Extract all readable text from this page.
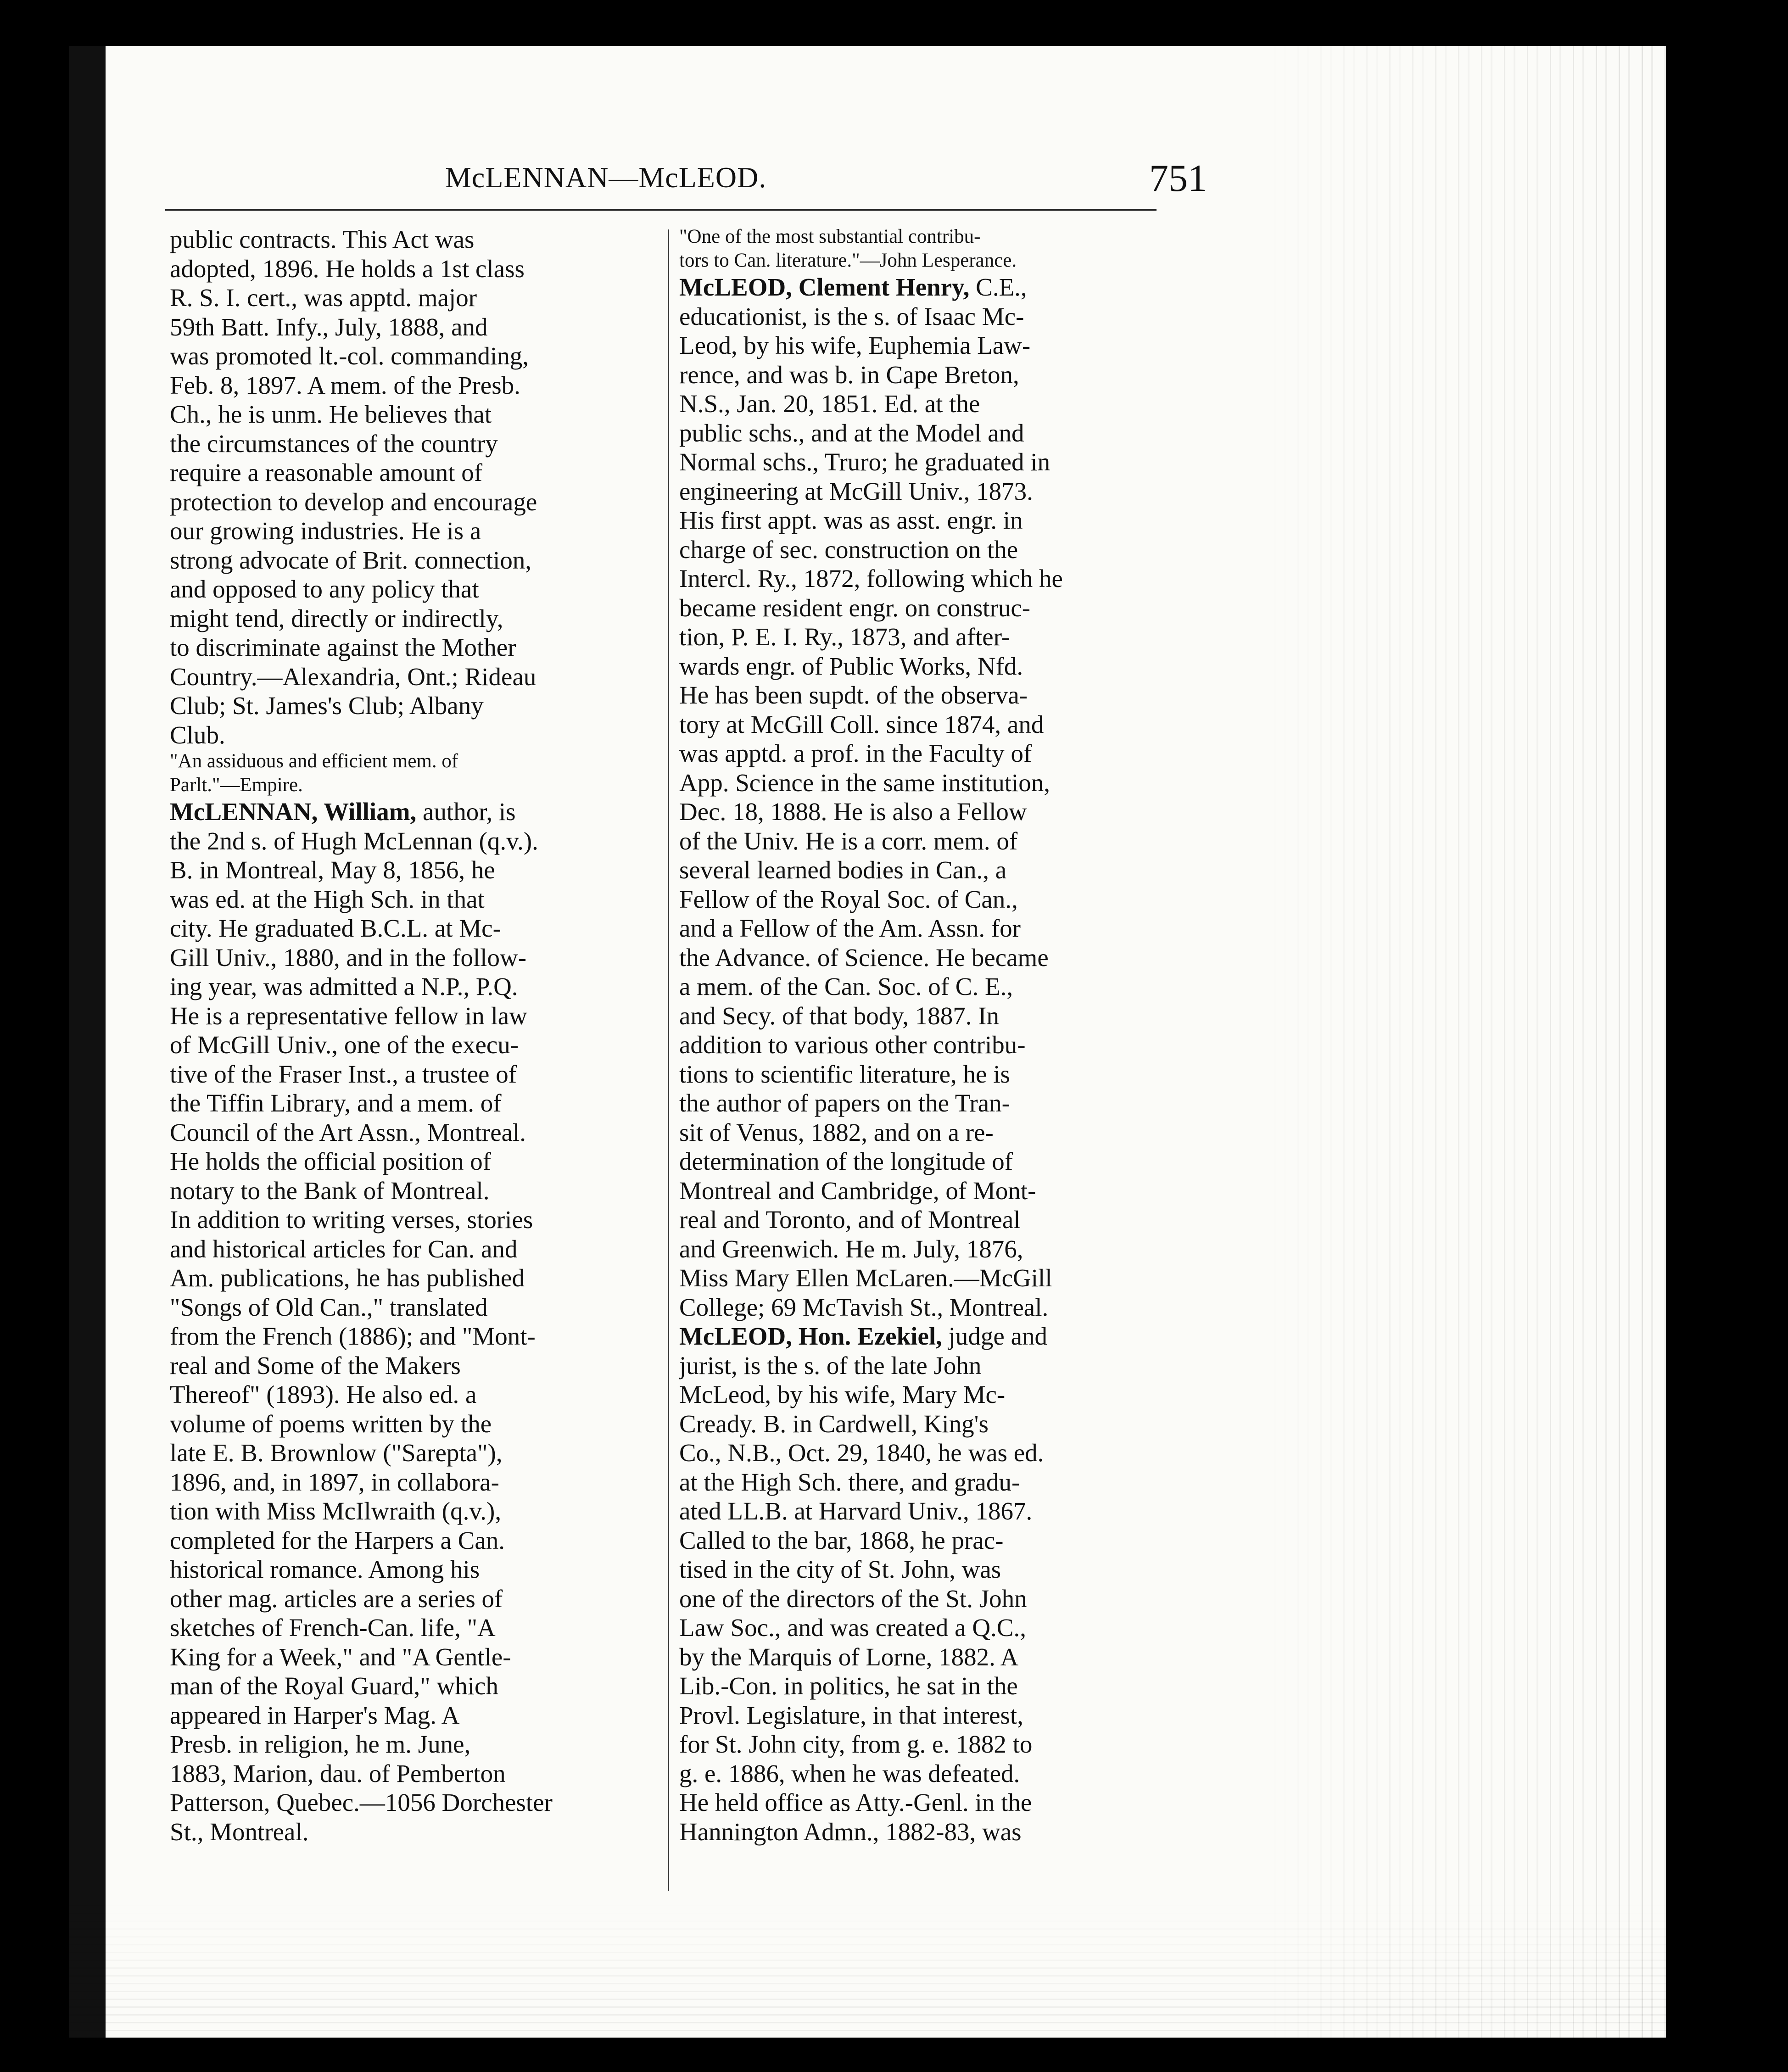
McLENNAN—McLEOD.	751
public contracts. This Act was
adopted, 1896. He holds a 1st class
R. S. I. cert., was apptd. major
59th Batt. Infy., July, 1888, and
was promoted lt.-col. commanding,
Feb. 8, 1897. A mem. of the Presb.
Ch., he is unm. He believes that
the circumstances of the country
require a reasonable amount of
protection to develop and encourage
our growing industries. He is a
strong advocate of Brit. connection,
and opposed to any policy that
might tend, directly or indirectly,
to discriminate against the Mother
Country.—Alexandria, Ont.; Rideau
Club; St. James's Club; Albany
Club.
"An assiduous and efficient mem. of
Parlt."—Empire.
McLENNAN, William, author, is
the 2nd s. of Hugh McLennan (q.v.).
B. in Montreal, May 8, 1856, he
was ed. at the High Sch. in that
city. He graduated B.C.L. at Mc-
Gill Univ., 1880, and in the follow-
ing year, was admitted a N.P., P.Q.
He is a representative fellow in law
of McGill Univ., one of the execu-
tive of the Fraser Inst., a trustee of
the Tiffin Library, and a mem. of
Council of the Art Assn., Montreal.
He holds the official position of
notary to the Bank of Montreal.
In addition to writing verses, stories
and historical articles for Can. and
Am. publications, he has published
"Songs of Old Can.," translated
from the French (1886); and "Mont-
real and Some of the Makers
Thereof" (1893). He also ed. a
volume of poems written by the
late E. B. Brownlow ("Sarepta"),
1896, and, in 1897, in collabora-
tion with Miss McIlwraith (q.v.),
completed for the Harpers a Can.
historical romance. Among his
other mag. articles are a series of
sketches of French-Can. life, "A
King for a Week," and "A Gentle-
man of the Royal Guard," which
appeared in Harper's Mag. A
Presb. in religion, he m. June,
1883, Marion, dau. of Pemberton
Patterson, Quebec.—1056 Dorchester
St., Montreal.
"One of the most substantial contribu-
tors to Can. literature."—John Lesperance.
McLEOD, Clement Henry, C.E.,
educationist, is the s. of Isaac Mc-
Leod, by his wife, Euphemia Law-
rence, and was b. in Cape Breton,
N.S., Jan. 20, 1851. Ed. at the
public schs., and at the Model and
Normal schs., Truro; he graduated in
engineering at McGill Univ., 1873.
His first appt. was as asst. engr. in
charge of sec. construction on the
Intercl. Ry., 1872, following which he
became resident engr. on construc-
tion, P. E. I. Ry., 1873, and after-
wards engr. of Public Works, Nfd.
He has been supdt. of the observa-
tory at McGill Coll. since 1874, and
was apptd. a prof. in the Faculty of
App. Science in the same institution,
Dec. 18, 1888. He is also a Fellow
of the Univ. He is a corr. mem. of
several learned bodies in Can., a
Fellow of the Royal Soc. of Can.,
and a Fellow of the Am. Assn. for
the Advance. of Science. He became
a mem. of the Can. Soc. of C. E.,
and Secy. of that body, 1887. In
addition to various other contribu-
tions to scientific literature, he is
the author of papers on the Tran-
sit of Venus, 1882, and on a re-
determination of the longitude of
Montreal and Cambridge, of Mont-
real and Toronto, and of Montreal
and Greenwich. He m. July, 1876,
Miss Mary Ellen McLaren.—McGill
College; 69 McTavish St., Montreal.
McLEOD, Hon. Ezekiel, judge and
jurist, is the s. of the late John
McLeod, by his wife, Mary Mc-
Cready. B. in Cardwell, King's
Co., N.B., Oct. 29, 1840, he was ed.
at the High Sch. there, and gradu-
ated LL.B. at Harvard Univ., 1867.
Called to the bar, 1868, he prac-
tised in the city of St. John, was
one of the directors of the St. John
Law Soc., and was created a Q.C.,
by the Marquis of Lorne, 1882. A
Lib.-Con. in politics, he sat in the
Provl. Legislature, in that interest,
for St. John city, from g. e. 1882 to
g. e. 1886, when he was defeated.
He held office as Atty.-Genl. in the
Hannington Admn., 1882-83, was
